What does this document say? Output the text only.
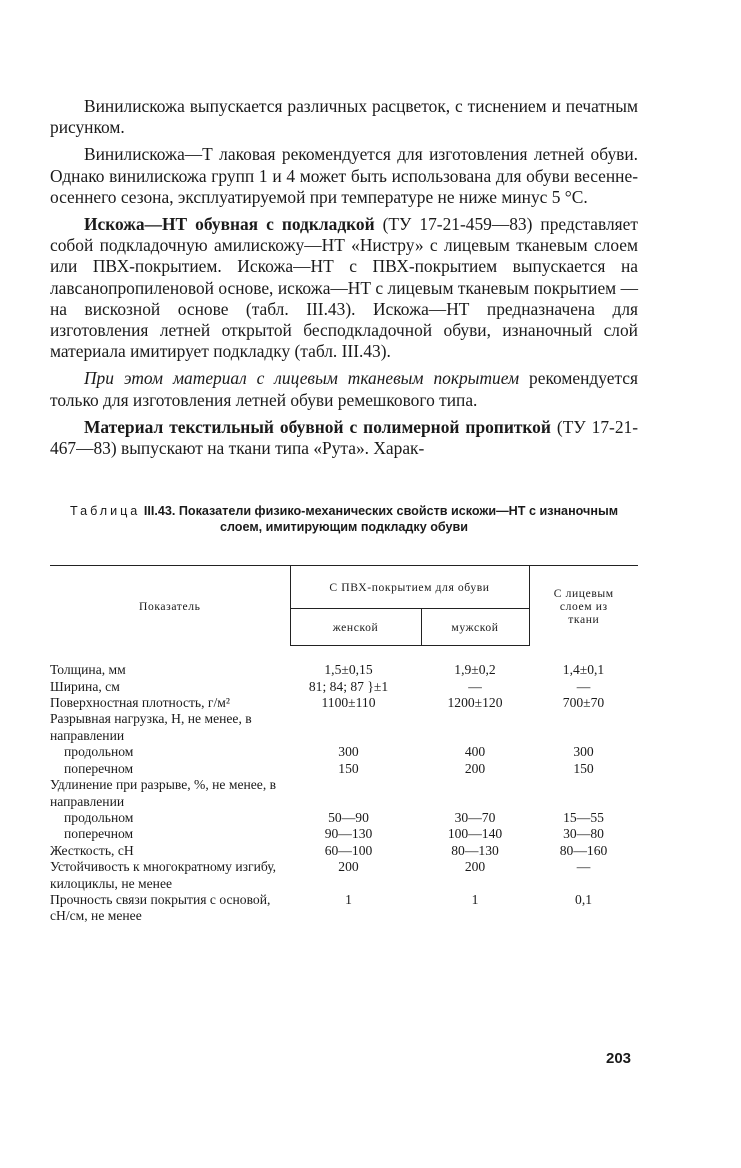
Винилискожа выпускается различных расцветок, с тиснением и печатным рисунком.

Винилискожа—Т лаковая рекомендуется для изготовления летней обуви. Однако винилискожа групп 1 и 4 может быть использована для обуви весенне-осеннего сезона, эксплуатируемой при температуре не ниже минус 5 °С.

Искожа—НТ обувная с подкладкой (ТУ 17-21-459—83) представляет собой подкладочную амилискожу—НТ «Нистру» с лицевым тканевым слоем или ПВХ-покрытием. Искожа—НТ с ПВХ-покрытием выпускается на лавсанопропиленовой основе, искожа—НТ с лицевым тканевым покрытием — на вискозной основе (табл. III.43). Искожа—НТ предназначена для изготовления летней открытой бесподкладочной обуви, изнаночный слой материала имитирует подкладку (табл. III.43).

При этом материал с лицевым тканевым покрытием рекомендуется только для изготовления летней обуви ремешкового типа.

Материал текстильный обувной с полимерной пропиткой (ТУ 17-21-467—83) выпускают на ткани типа «Рута». Харак-

Таблица III.43. Показатели физико-механических свойств искожи—НТ с изнаночным слоем, имитирующим подкладку обуви
Показатель	С ПВХ-покрытием для обуви		С лицевым слоем из ткани
	женской	мужской	
Толщина, мм	1,5±0,15	1,9±0,2	1,4±0,1
Ширина, см	81; 84; 87 }±1	—	—
Поверхностная плотность, г/м²	1100±110	1200±120	700±70
Разрывная нагрузка, Н, не менее, в направлении			
продольном	300	400	300
поперечном	150	200	150
Удлинение при разрыве, %, не менее, в направлении			
продольном	50—90	30—70	15—55
поперечном	90—130	100—140	30—80
Жесткость, сН	60—100	80—130	80—160
Устойчивость к многократному изгибу, килоциклы, не менее	200	200	—
Прочность связи покрытия с основой, сН/см, не менее	1	1	0,1
203
